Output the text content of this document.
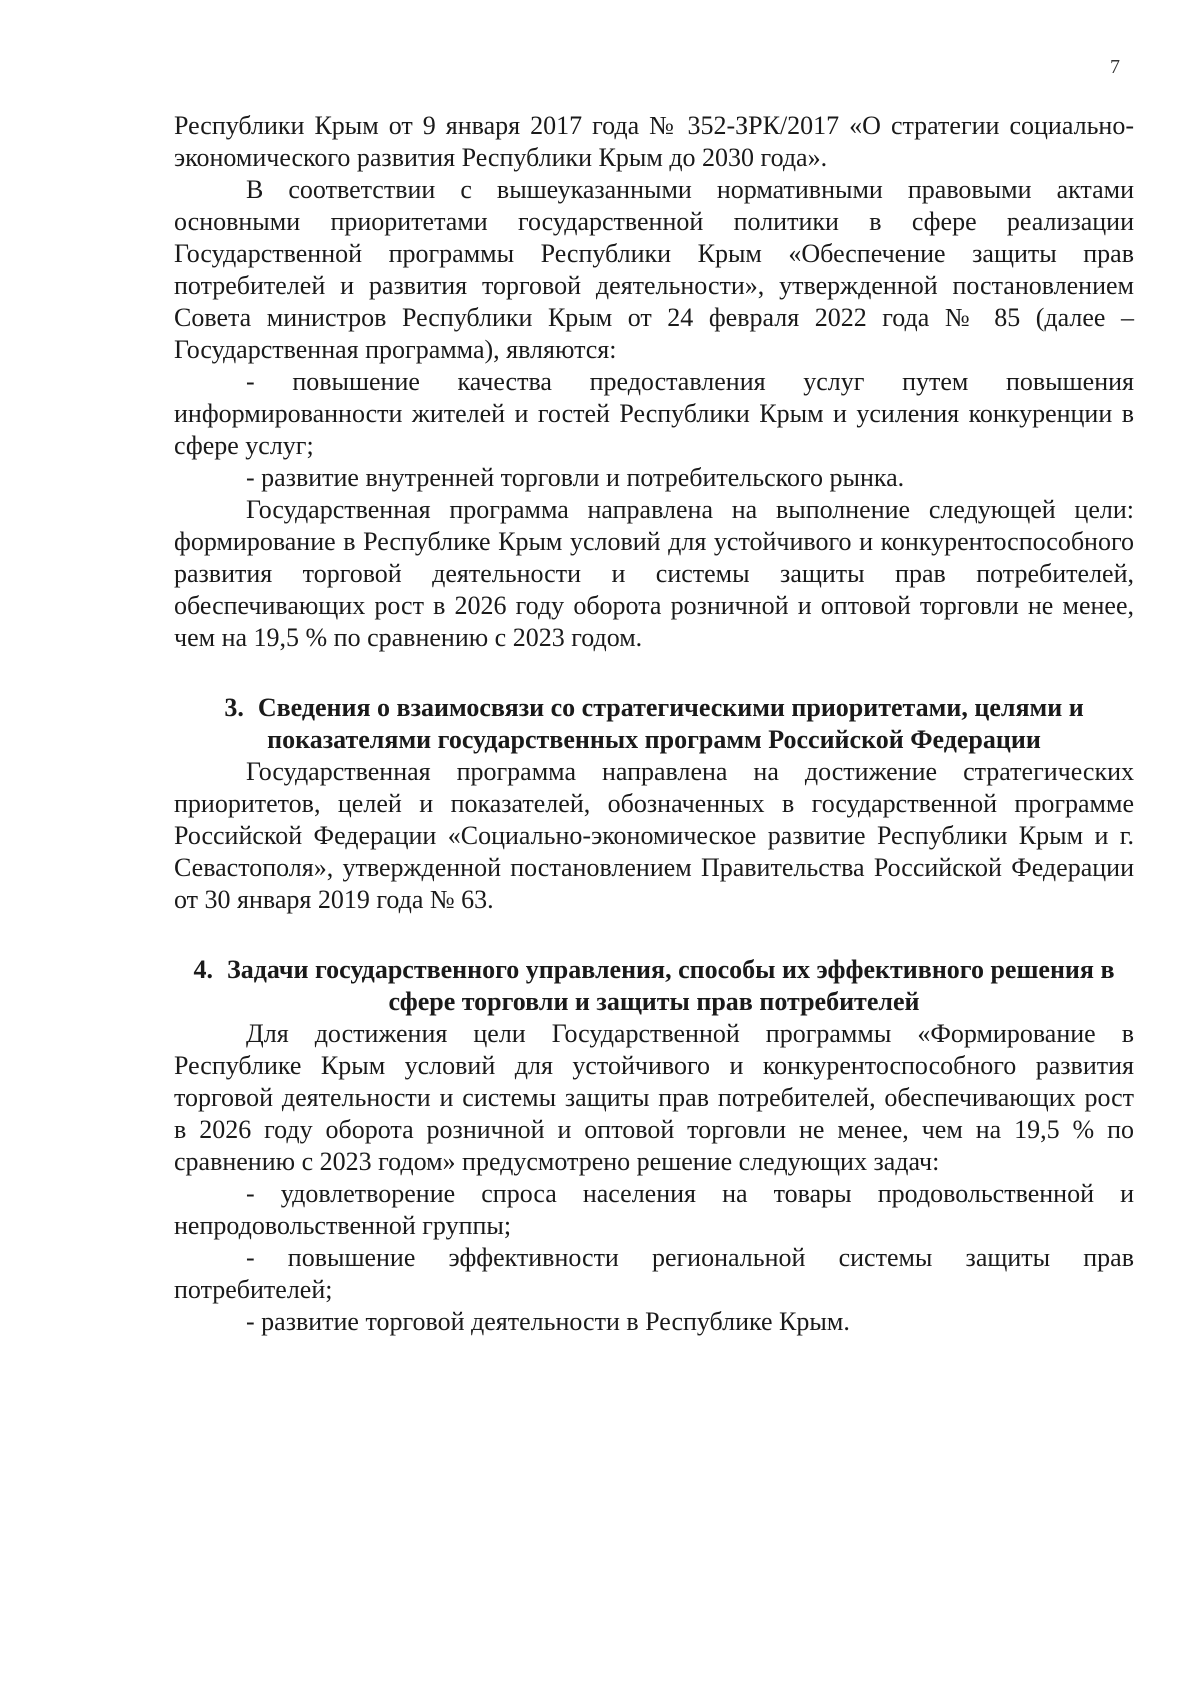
7

Республики Крым от 9 января 2017 года № 352-ЗРК/2017 «О стратегии социально-экономического развития Республики Крым до 2030 года».

В соответствии с вышеуказанными нормативными правовыми актами основными приоритетами государственной политики в сфере реализации Государственной программы Республики Крым «Обеспечение защиты прав потребителей и развития торговой деятельности», утвержденной постановлением Совета министров Республики Крым от 24 февраля 2022 года № 85 (далее – Государственная программа), являются:

- повышение качества предоставления услуг путем повышения информированности жителей и гостей Республики Крым и усиления конкуренции в сфере услуг;

- развитие внутренней торговли и потребительского рынка.

Государственная программа направлена на выполнение следующей цели: формирование в Республике Крым условий для устойчивого и конкурентоспособного развития торговой деятельности и системы защиты прав потребителей, обеспечивающих рост в 2026 году оборота розничной и оптовой торговли не менее, чем на 19,5 % по сравнению с 2023 годом.

3. Сведения о взаимосвязи со стратегическими приоритетами, целями и показателями государственных программ Российской Федерации

Государственная программа направлена на достижение стратегических приоритетов, целей и показателей, обозначенных в государственной программе Российской Федерации «Социально-экономическое развитие Республики Крым и г. Севастополя», утвержденной постановлением Правительства Российской Федерации от 30 января 2019 года № 63.

4. Задачи государственного управления, способы их эффективного решения в сфере торговли и защиты прав потребителей

Для достижения цели Государственной программы «Формирование в Республике Крым условий для устойчивого и конкурентоспособного развития торговой деятельности и системы защиты прав потребителей, обеспечивающих рост в 2026 году оборота розничной и оптовой торговли не менее, чем на 19,5 % по сравнению с 2023 годом» предусмотрено решение следующих задач:

- удовлетворение спроса населения на товары продовольственной и непродовольственной группы;

- повышение эффективности региональной системы защиты прав потребителей;

- развитие торговой деятельности в Республике Крым.
